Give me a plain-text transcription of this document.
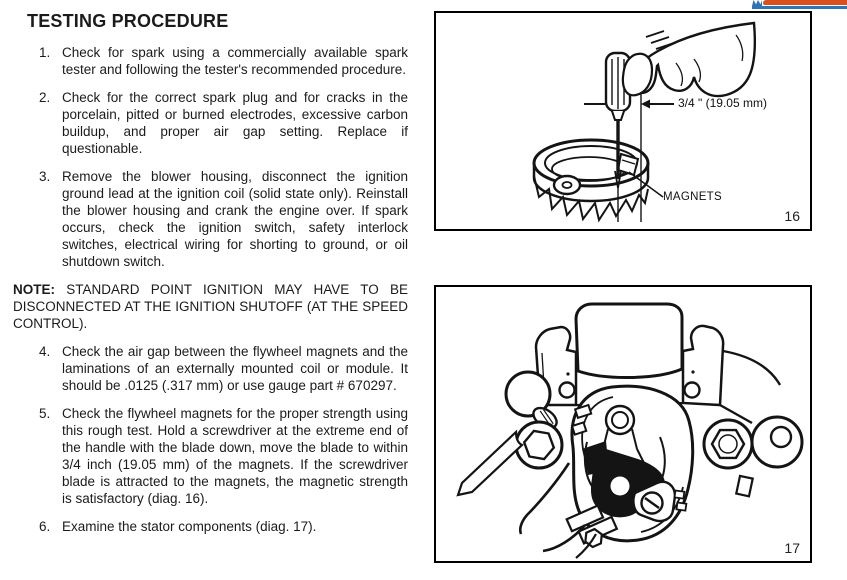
TESTING PROCEDURE
1. Check for spark using a commercially available spark tester and following the tester's recommended procedure.
2. Check for the correct spark plug and for cracks in the porcelain, pitted or burned electrodes, excessive carbon buildup, and proper air gap setting. Replace if questionable.
3. Remove the blower housing, disconnect the ignition ground lead at the ignition coil (solid state only). Reinstall the blower housing and crank the engine over. If spark occurs, check the ignition switch, safety interlock switches, electrical wiring for shorting to ground, or oil shutdown switch.

NOTE: STANDARD POINT IGNITION MAY HAVE TO BE DISCONNECTED AT THE IGNITION SHUTOFF (AT THE SPEED CONTROL).

4. Check the air gap between the flywheel magnets and the laminations of an externally mounted coil or module. It should be .0125 (.317 mm) or use gauge part # 670297.
5. Check the flywheel magnets for the proper strength using this rough test. Hold a screwdriver at the extreme end of the handle with the blade down, move the blade to within 3/4 inch (19.05 mm) of the magnets. If the screwdriver blade is attracted to the magnets, the magnetic strength is satisfactory (diag. 16).
6. Examine the stator components (diag. 17).
3/4 " (19.05 mm)
MAGNETS
16
17
